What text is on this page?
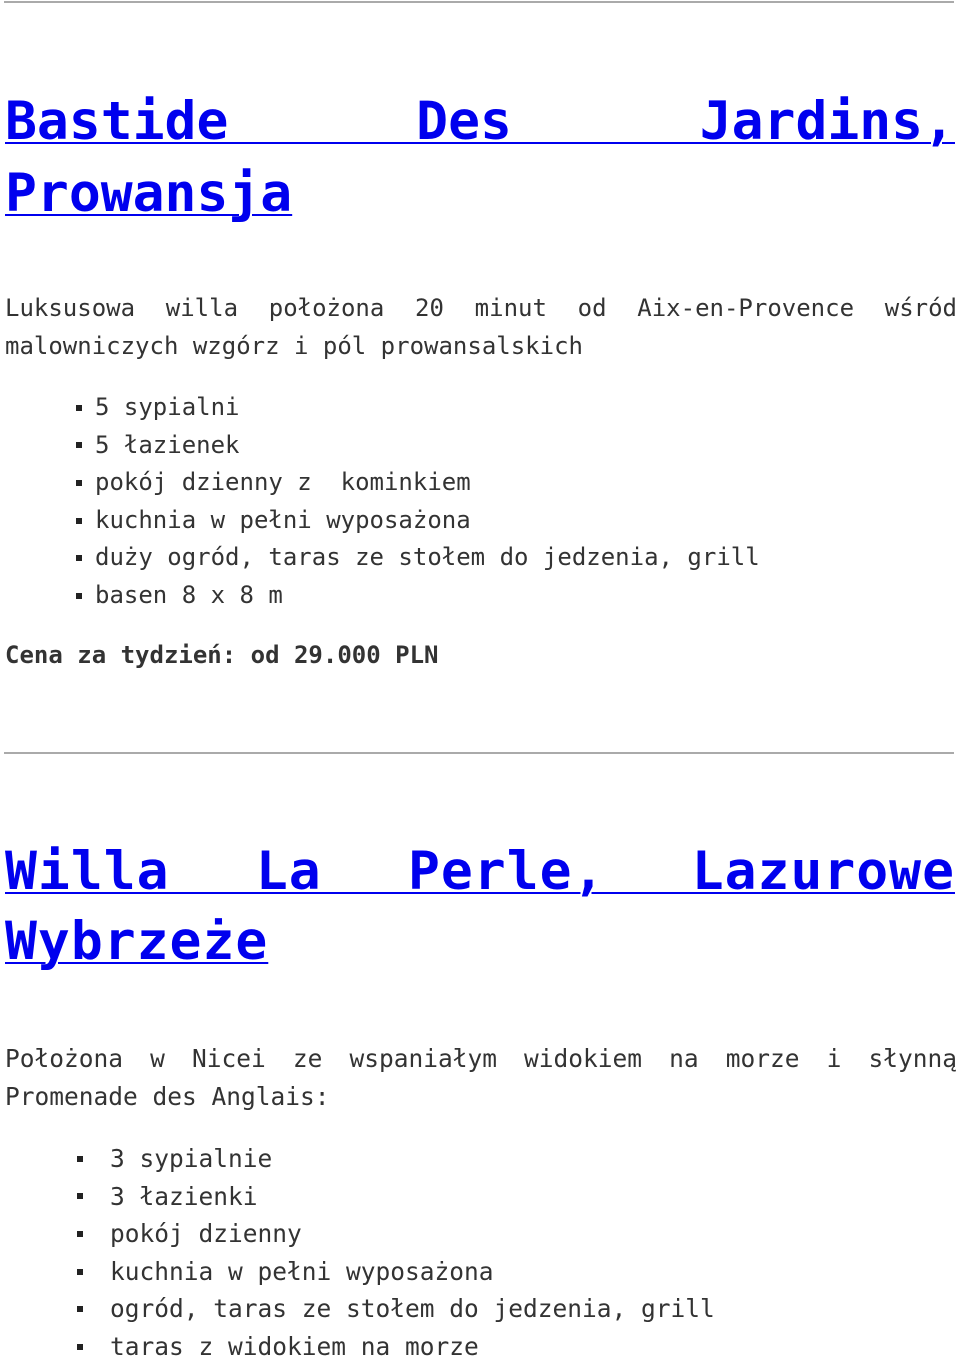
Bastide Des Jardins, Prowansja

Luksusowa willa położona 20 minut od Aix-en-Provence wśród malowniczych wzgórz i pól prowansalskich

5 sypialni
5 łazienek
pokój dzienny z  kominkiem
kuchnia w pełni wyposażona
duży ogród, taras ze stołem do jedzenia, grill
basen 8 x 8 m

Cena za tydzień: od 29.000 PLN

Willa La Perle, Lazurowe Wybrzeże

Położona w Nicei ze wspaniałym widokiem na morze i słynną Promenade des Anglais:

3 sypialnie
3 łazienki
pokój dzienny
kuchnia w pełni wyposażona
ogród, taras ze stołem do jedzenia, grill
taras z widokiem na morze
